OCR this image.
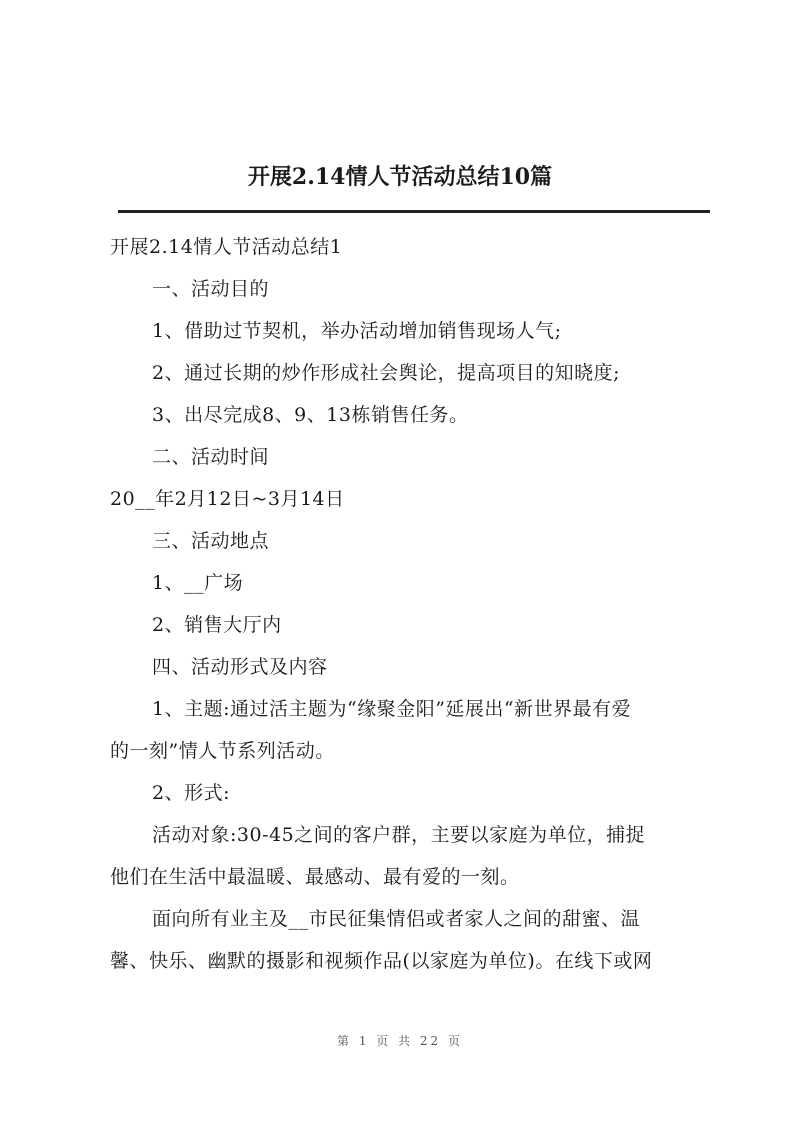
开展2.14情人节活动总结10篇
开展2.14情人节活动总结1
一、活动目的
1、借助过节契机，举办活动增加销售现场人气;
2、通过长期的炒作形成社会舆论，提高项目的知晓度;
3、出尽完成8、9、13栋销售任务。
二、活动时间
20__年2月12日~3月14日
三、活动地点
1、__广场
2、销售大厅内
四、活动形式及内容
1、主题:通过活主题为“缘聚金阳”延展出“新世界最有爱
的一刻”情人节系列活动。
2、形式:
活动对象:30-45之间的客户群，主要以家庭为单位，捕捉
他们在生活中最温暖、最感动、最有爱的一刻。
面向所有业主及__市民征集情侣或者家人之间的甜蜜、温
馨、快乐、幽默的摄影和视频作品(以家庭为单位)。在线下或网
第 1 页 共 22 页
